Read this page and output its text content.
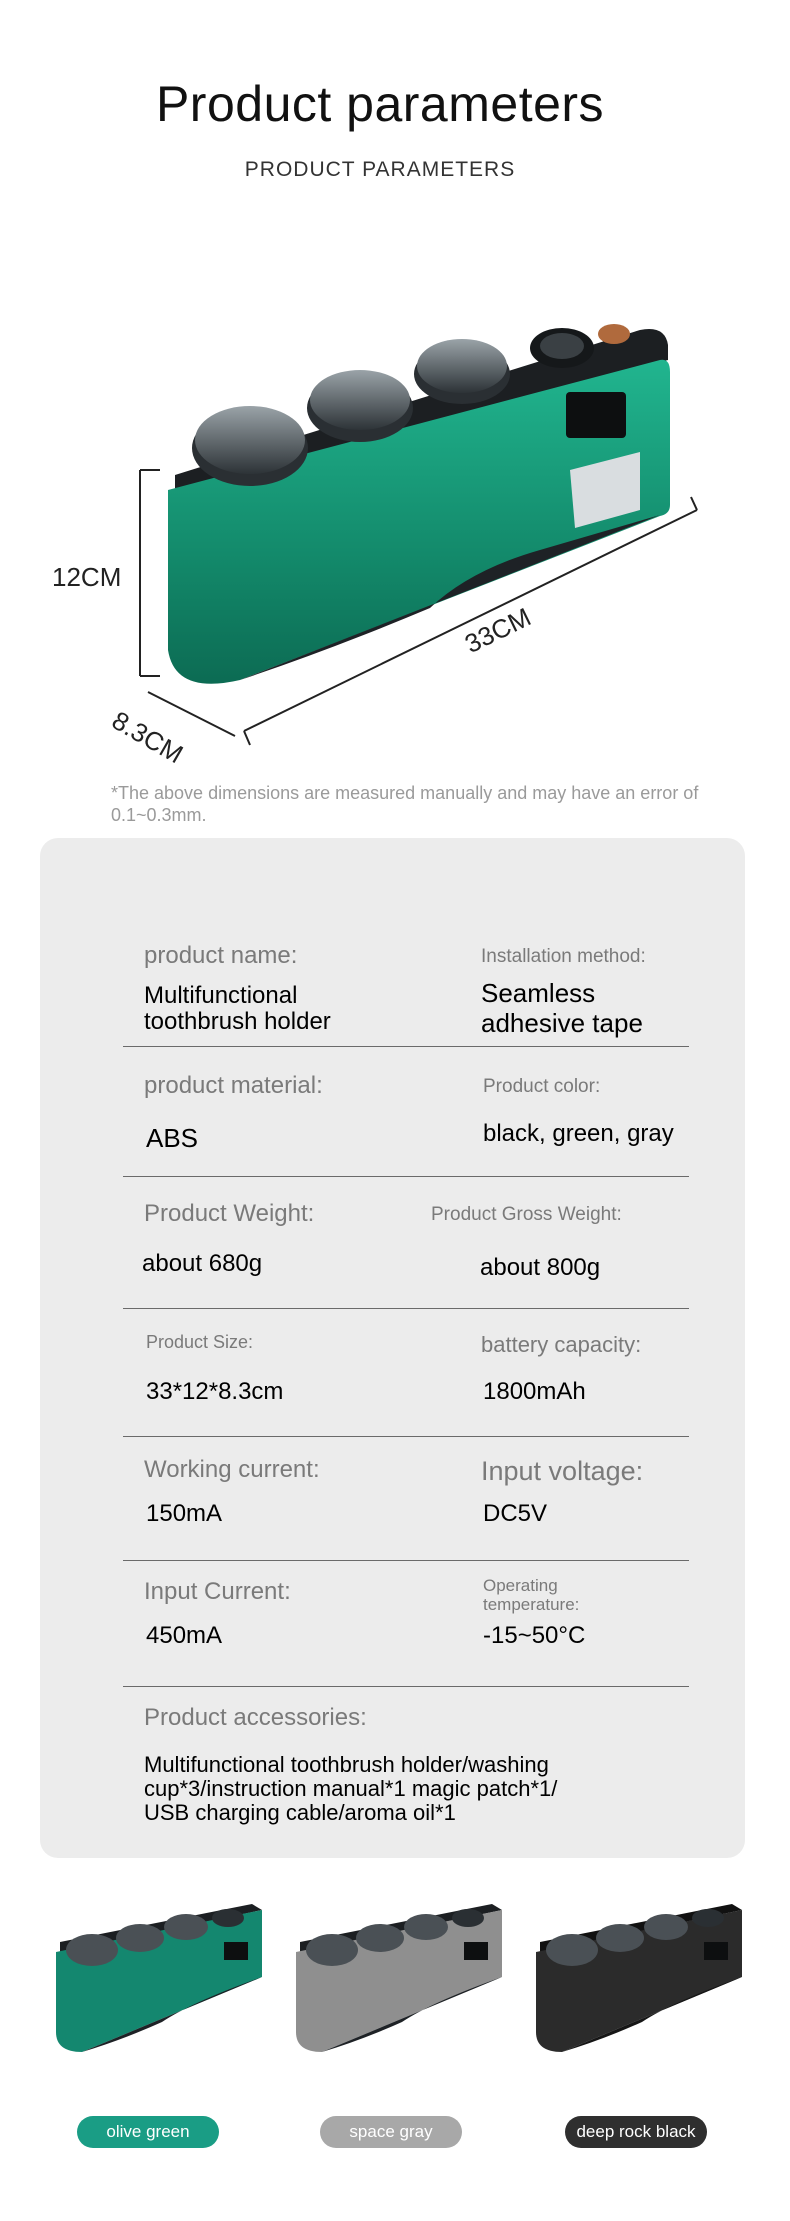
Product parameters
PRODUCT PARAMETERS
12CM
33CM
8.3CM
*The above dimensions are measured manually and may have an error of 0.1~0.3mm.
product name:
Multifunctional
toothbrush holder
Installation method:
Seamless
adhesive tape
product material:
ABS
Product color:
black, green, gray
Product Weight:
about 680g
Product Gross Weight:
about 800g
Product Size:
33*12*8.3cm
battery capacity:
1800mAh
Working current:
150mA
Input voltage:
DC5V
Input Current:
450mA
Operating
temperature:
-15~50°C
Product accessories:
Multifunctional toothbrush holder/washing
cup*3/instruction manual*1 magic patch*1/
USB charging cable/aroma oil*1
olive green	space gray	deep rock black
